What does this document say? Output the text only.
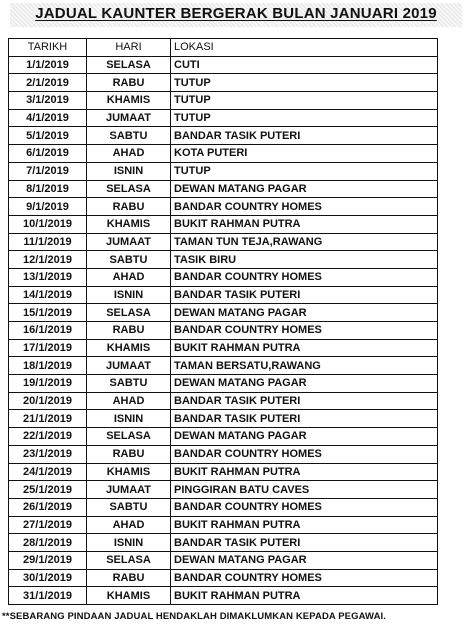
JADUAL KAUNTER BERGERAK BULAN JANUARI 2019
TARIKH	HARI	LOKASI
1/1/2019	SELASA	CUTI
2/1/2019	RABU	TUTUP
3/1/2019	KHAMIS	TUTUP
4/1/2019	JUMAAT	TUTUP
5/1/2019	SABTU	BANDAR TASIK PUTERI
6/1/2019	AHAD	KOTA PUTERI
7/1/2019	ISNIN	TUTUP
8/1/2019	SELASA	DEWAN MATANG PAGAR
9/1/2019	RABU	BANDAR COUNTRY HOMES
10/1/2019	KHAMIS	BUKIT RAHMAN PUTRA
11/1/2019	JUMAAT	TAMAN TUN TEJA,RAWANG
12/1/2019	SABTU	TASIK BIRU
13/1/2019	AHAD	BANDAR COUNTRY HOMES
14/1/2019	ISNIN	BANDAR TASIK PUTERI
15/1/2019	SELASA	DEWAN MATANG PAGAR
16/1/2019	RABU	BANDAR COUNTRY HOMES
17/1/2019	KHAMIS	BUKIT RAHMAN PUTRA
18/1/2019	JUMAAT	TAMAN BERSATU,RAWANG
19/1/2019	SABTU	DEWAN MATANG PAGAR
20/1/2019	AHAD	BANDAR TASIK PUTERI
21/1/2019	ISNIN	BANDAR TASIK PUTERI
22/1/2019	SELASA	DEWAN MATANG PAGAR
23/1/2019	RABU	BANDAR COUNTRY HOMES
24/1/2019	KHAMIS	BUKIT RAHMAN PUTRA
25/1/2019	JUMAAT	PINGGIRAN BATU CAVES
26/1/2019	SABTU	BANDAR COUNTRY HOMES
27/1/2019	AHAD	BUKIT RAHMAN PUTRA
28/1/2019	ISNIN	BANDAR TASIK PUTERI
29/1/2019	SELASA	DEWAN MATANG PAGAR
30/1/2019	RABU	BANDAR COUNTRY HOMES
31/1/2019	KHAMIS	BUKIT RAHMAN PUTRA
**SEBARANG PINDAAN JADUAL HENDAKLAH DIMAKLUMKAN KEPADA PEGAWAI.
